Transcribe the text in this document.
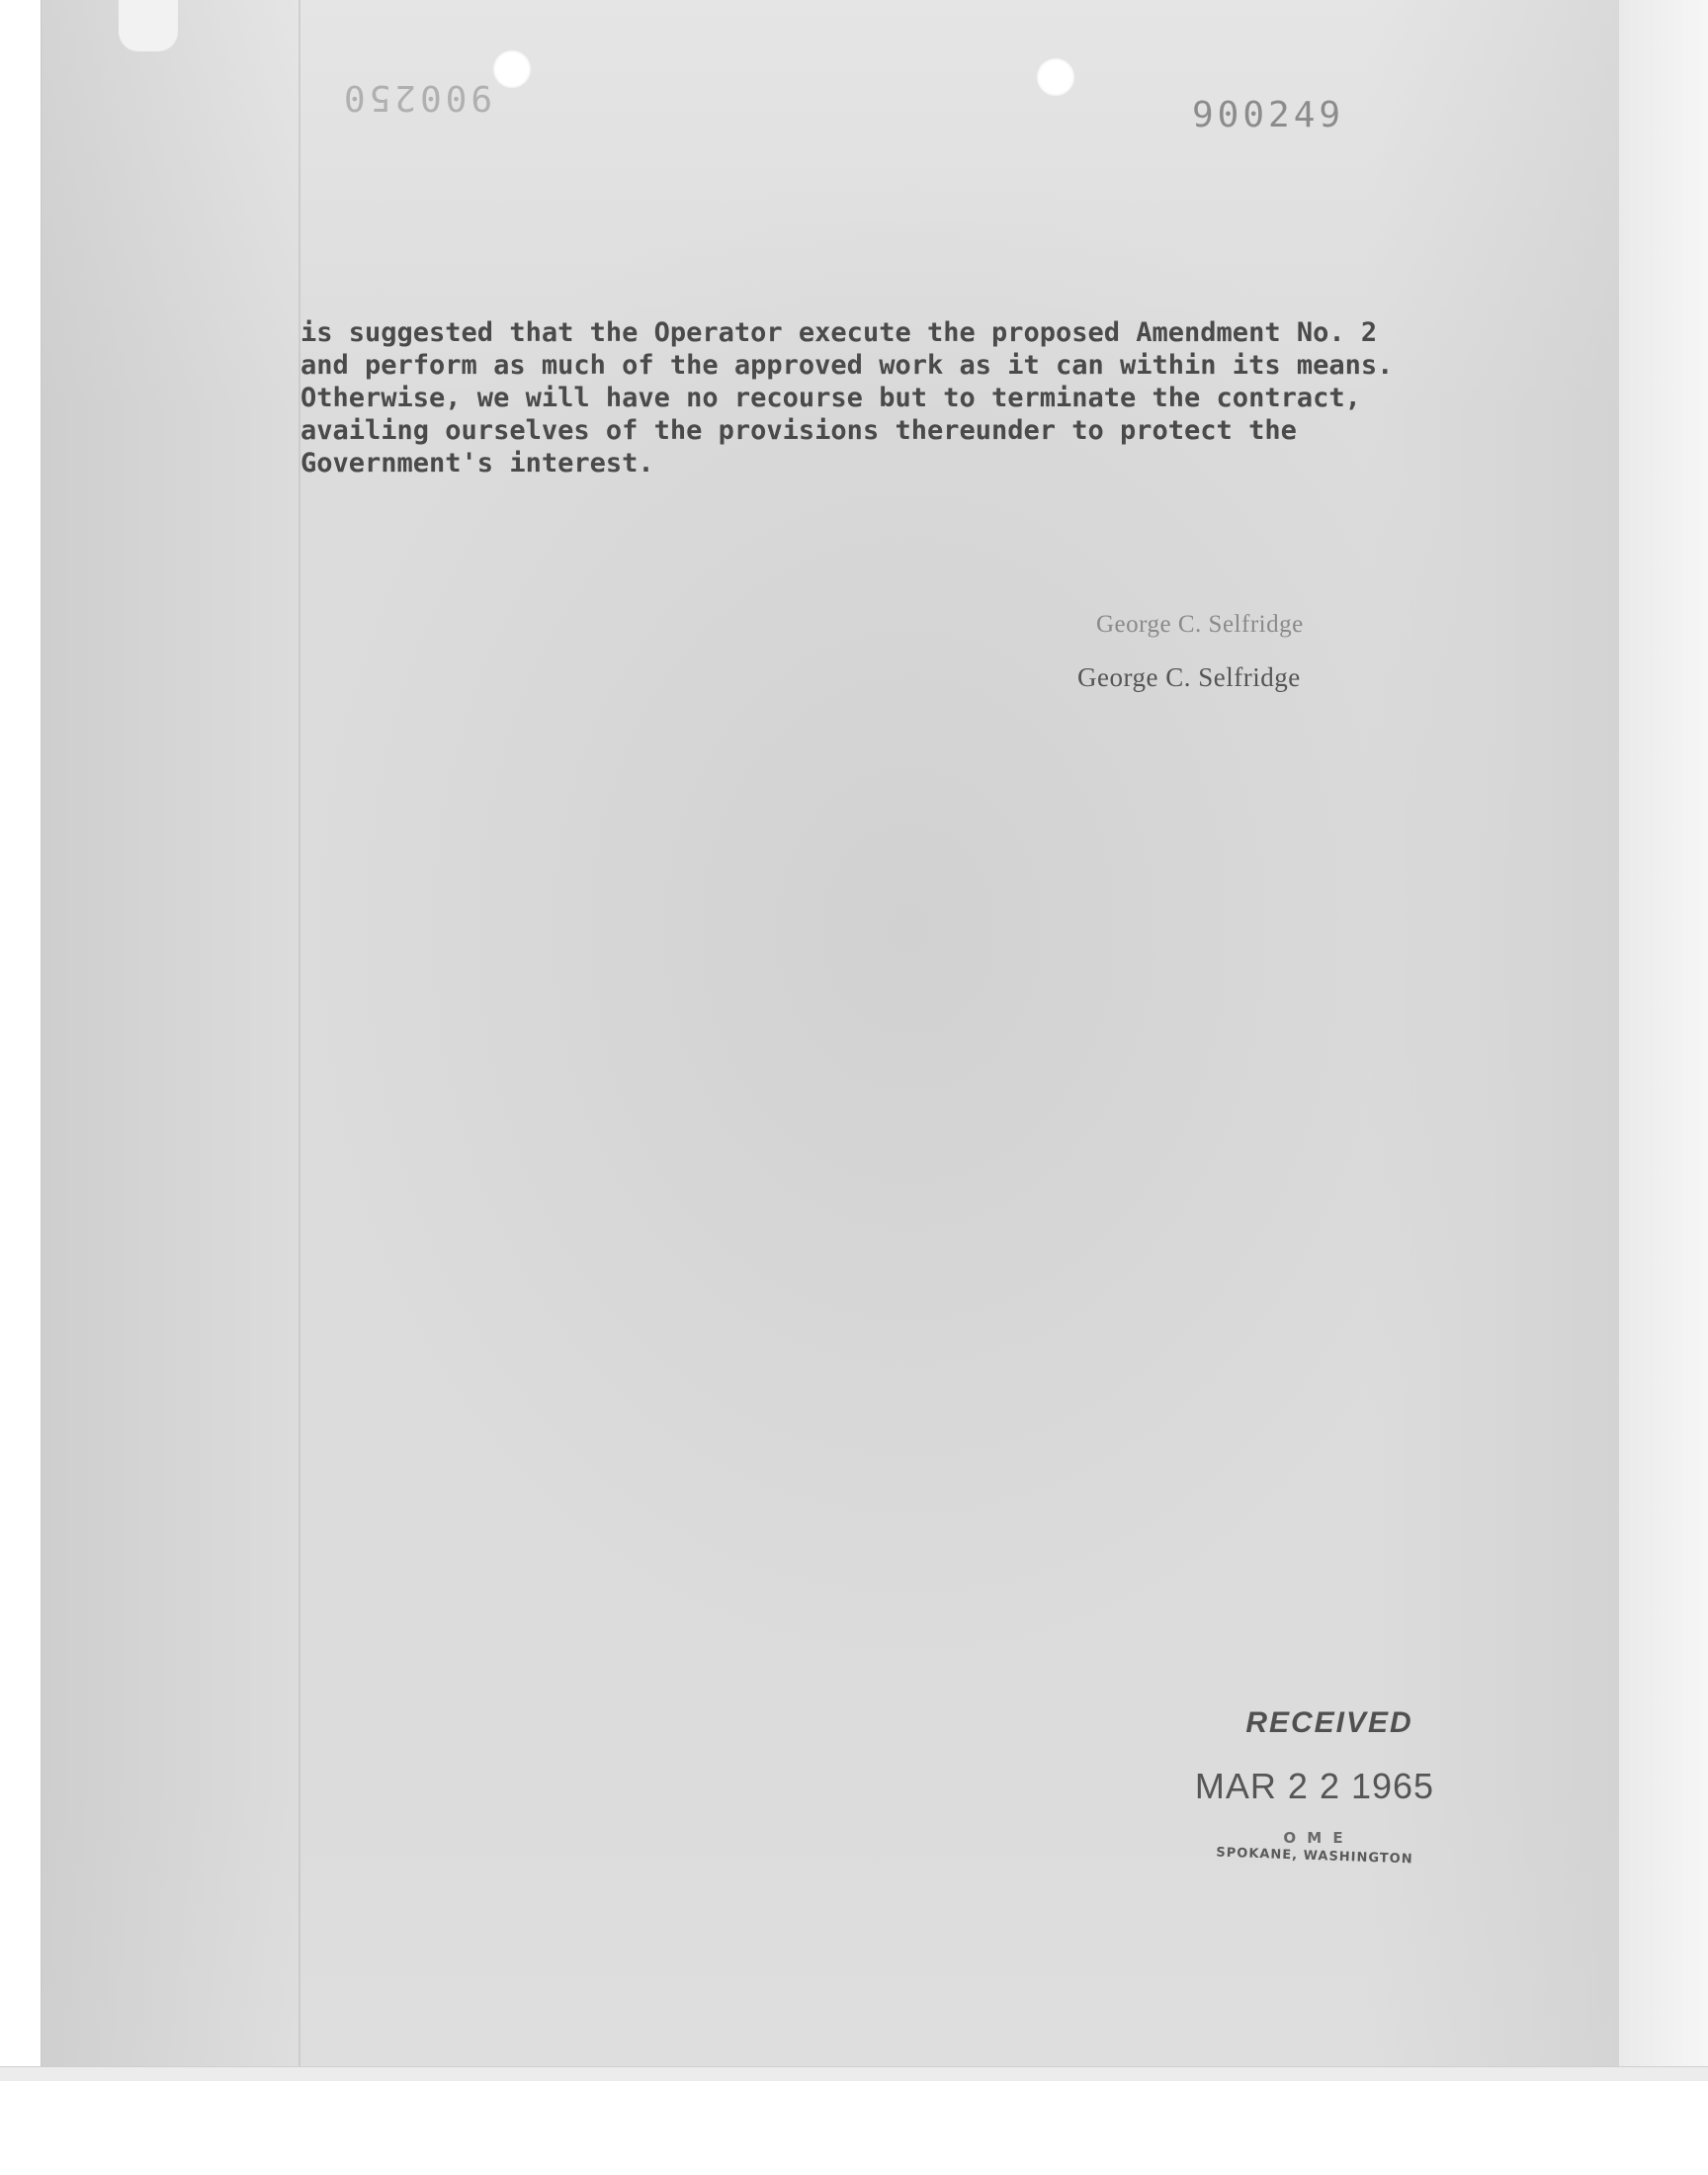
900250	900249
is suggested that the Operator execute the proposed Amendment No. 2
and perform as much of the approved work as it can within its means.
Otherwise, we will have no recourse but to terminate the contract,
availing ourselves of the provisions thereunder to protect the
Government's interest.
George C. Selfridge
George C. Selfridge
RECEIVED
MAR 2 2 1965
O M E
SPOKANE, WASHINGTON
